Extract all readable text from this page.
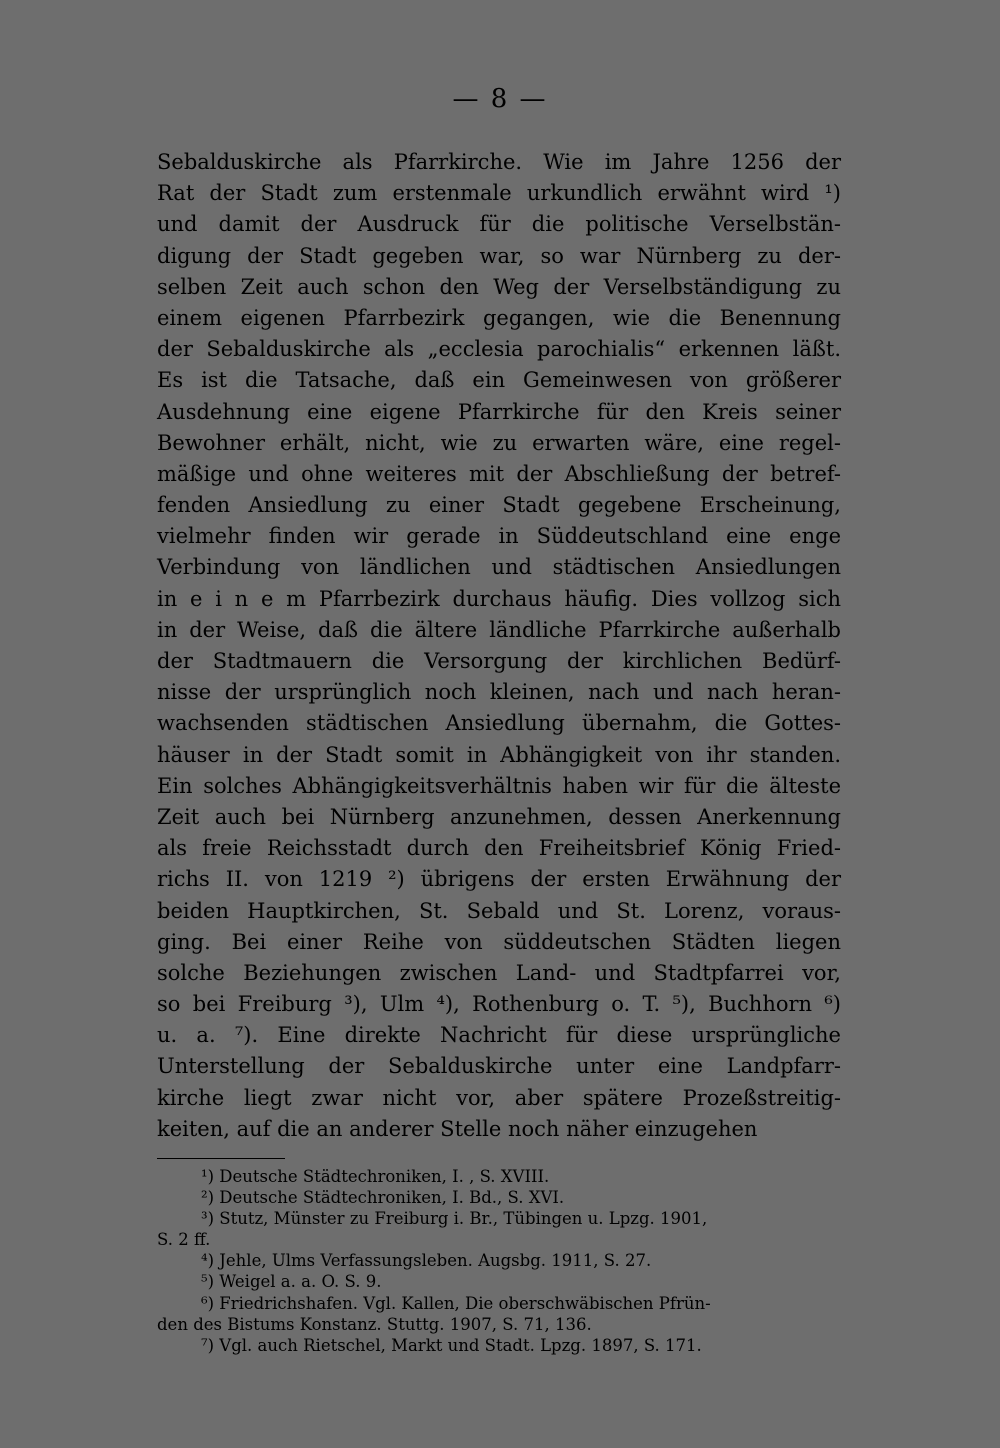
— 8 —
Sebalduskirche als Pfarrkirche. Wie im Jahre 1256 der
Rat der Stadt zum erstenmale urkundlich erwähnt wird ¹)
und damit der Ausdruck für die politische Verselbstän-
digung der Stadt gegeben war, so war Nürnberg zu der-
selben Zeit auch schon den Weg der Verselbständigung zu
einem eigenen Pfarrbezirk gegangen, wie die Benennung
der Sebalduskirche als „ecclesia parochialis“ erkennen läßt.
Es ist die Tatsache, daß ein Gemeinwesen von größerer
Ausdehnung eine eigene Pfarrkirche für den Kreis seiner
Bewohner erhält, nicht, wie zu erwarten wäre, eine regel-
mäßige und ohne weiteres mit der Abschließung der betref-
fenden Ansiedlung zu einer Stadt gegebene Erscheinung,
vielmehr finden wir gerade in Süddeutschland eine enge
Verbindung von ländlichen und städtischen Ansiedlungen
in e i n e m Pfarrbezirk durchaus häufig. Dies vollzog sich
in der Weise, daß die ältere ländliche Pfarrkirche außerhalb
der Stadtmauern die Versorgung der kirchlichen Bedürf-
nisse der ursprünglich noch kleinen, nach und nach heran-
wachsenden städtischen Ansiedlung übernahm, die Gottes-
häuser in der Stadt somit in Abhängigkeit von ihr standen.
Ein solches Abhängigkeitsverhältnis haben wir für die älteste
Zeit auch bei Nürnberg anzunehmen, dessen Anerkennung
als freie Reichsstadt durch den Freiheitsbrief König Fried-
richs II. von 1219 ²) übrigens der ersten Erwähnung der
beiden Hauptkirchen, St. Sebald und St. Lorenz, voraus-
ging. Bei einer Reihe von süddeutschen Städten liegen
solche Beziehungen zwischen Land- und Stadtpfarrei vor,
so bei Freiburg ³), Ulm ⁴), Rothenburg o. T. ⁵), Buchhorn ⁶)
u. a. ⁷). Eine direkte Nachricht für diese ursprüngliche
Unterstellung der Sebalduskirche unter eine Landpfarr-
kirche liegt zwar nicht vor, aber spätere Prozeßstreitig-
keiten, auf die an anderer Stelle noch näher einzugehen
¹) Deutsche Städtechroniken, I. , S. XVIII.
²) Deutsche Städtechroniken, I. Bd., S. XVI.
³) Stutz, Münster zu Freiburg i. Br., Tübingen u. Lpzg. 1901,
S. 2 ff.
⁴) Jehle, Ulms Verfassungsleben. Augsbg. 1911, S. 27.
⁵) Weigel a. a. O. S. 9.
⁶) Friedrichshafen. Vgl. Kallen, Die oberschwäbischen Pfrün-
den des Bistums Konstanz. Stuttg. 1907, S. 71, 136.
⁷) Vgl. auch Rietschel, Markt und Stadt. Lpzg. 1897, S. 171.
